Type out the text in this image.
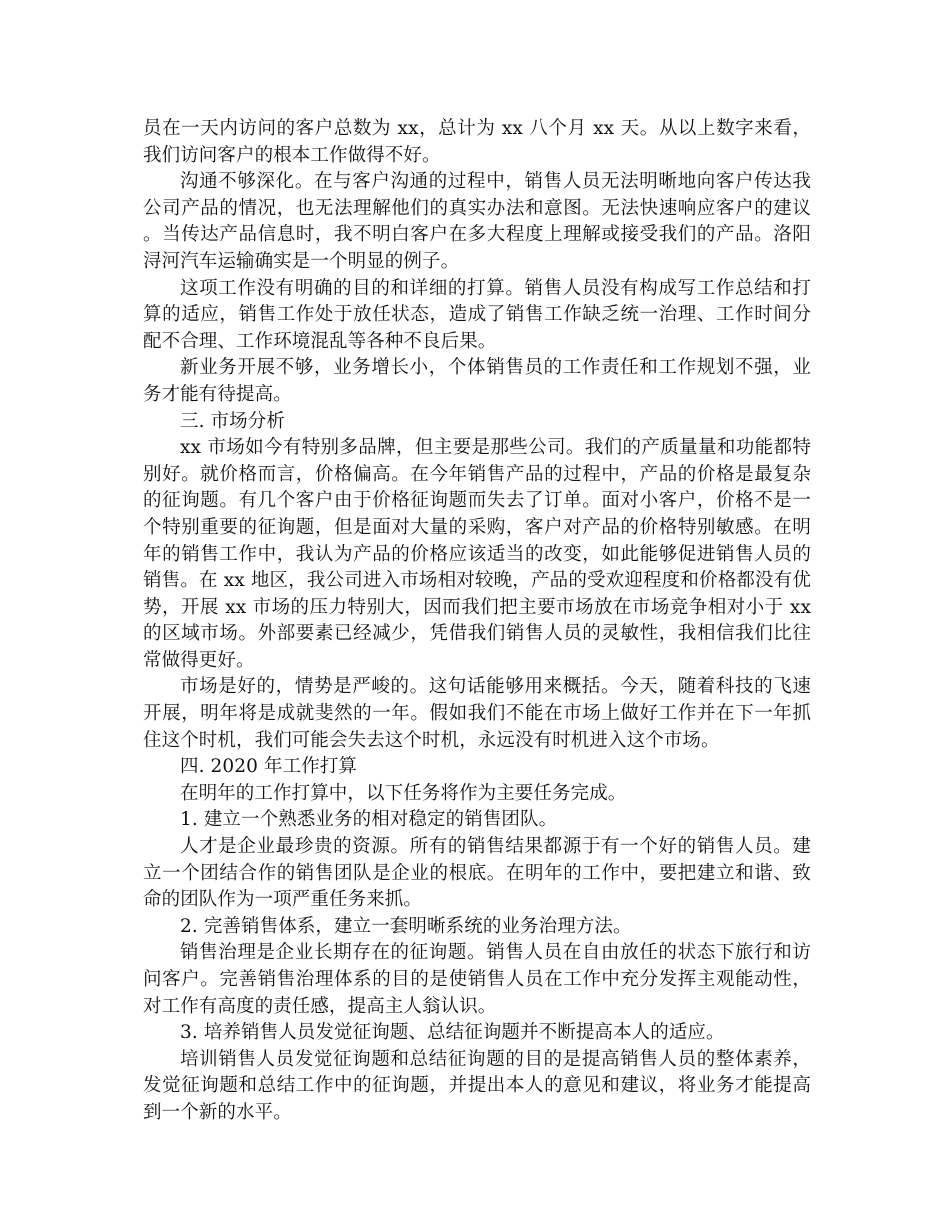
员在一天内访问的客户总数为 xx，总计为 xx 八个月 xx 天。从以上数字来看，我们访问客户的根本工作做得不好。

沟通不够深化。在与客户沟通的过程中，销售人员无法明晰地向客户传达我公司产品的情况，也无法理解他们的真实办法和意图。无法快速响应客户的建议。当传达产品信息时，我不明白客户在多大程度上理解或接受我们的产品。洛阳浔河汽车运输确实是一个明显的例子。

这项工作没有明确的目的和详细的打算。销售人员没有构成写工作总结和打算的适应，销售工作处于放任状态，造成了销售工作缺乏统一治理、工作时间分配不合理、工作环境混乱等各种不良后果。

新业务开展不够，业务增长小，个体销售员的工作责任和工作规划不强，业务才能有待提高。

三. 市场分析

xx 市场如今有特别多品牌，但主要是那些公司。我们的产质量量和功能都特别好。就价格而言，价格偏高。在今年销售产品的过程中，产品的价格是最复杂的征询题。有几个客户由于价格征询题而失去了订单。面对小客户，价格不是一个特别重要的征询题，但是面对大量的采购，客户对产品的价格特别敏感。在明年的销售工作中，我认为产品的价格应该适当的改变，如此能够促进销售人员的销售。在 xx 地区，我公司进入市场相对较晚，产品的受欢迎程度和价格都没有优势，开展 xx 市场的压力特别大，因而我们把主要市场放在市场竞争相对小于 xx 的区域市场。外部要素已经减少，凭借我们销售人员的灵敏性，我相信我们比往常做得更好。

市场是好的，情势是严峻的。这句话能够用来概括。今天，随着科技的飞速开展，明年将是成就斐然的一年。假如我们不能在市场上做好工作并在下一年抓住这个时机，我们可能会失去这个时机，永远没有时机进入这个市场。

四. 2020 年工作打算

在明年的工作打算中，以下任务将作为主要任务完成。

1. 建立一个熟悉业务的相对稳定的销售团队。

人才是企业最珍贵的资源。所有的销售结果都源于有一个好的销售人员。建立一个团结合作的销售团队是企业的根底。在明年的工作中，要把建立和谐、致命的团队作为一项严重任务来抓。

2. 完善销售体系，建立一套明晰系统的业务治理方法。

销售治理是企业长期存在的征询题。销售人员在自由放任的状态下旅行和访问客户。完善销售治理体系的目的是使销售人员在工作中充分发挥主观能动性，对工作有高度的责任感，提高主人翁认识。

3. 培养销售人员发觉征询题、总结征询题并不断提高本人的适应。

培训销售人员发觉征询题和总结征询题的目的是提高销售人员的整体素养，发觉征询题和总结工作中的征询题，并提出本人的意见和建议，将业务才能提高到一个新的水平。
